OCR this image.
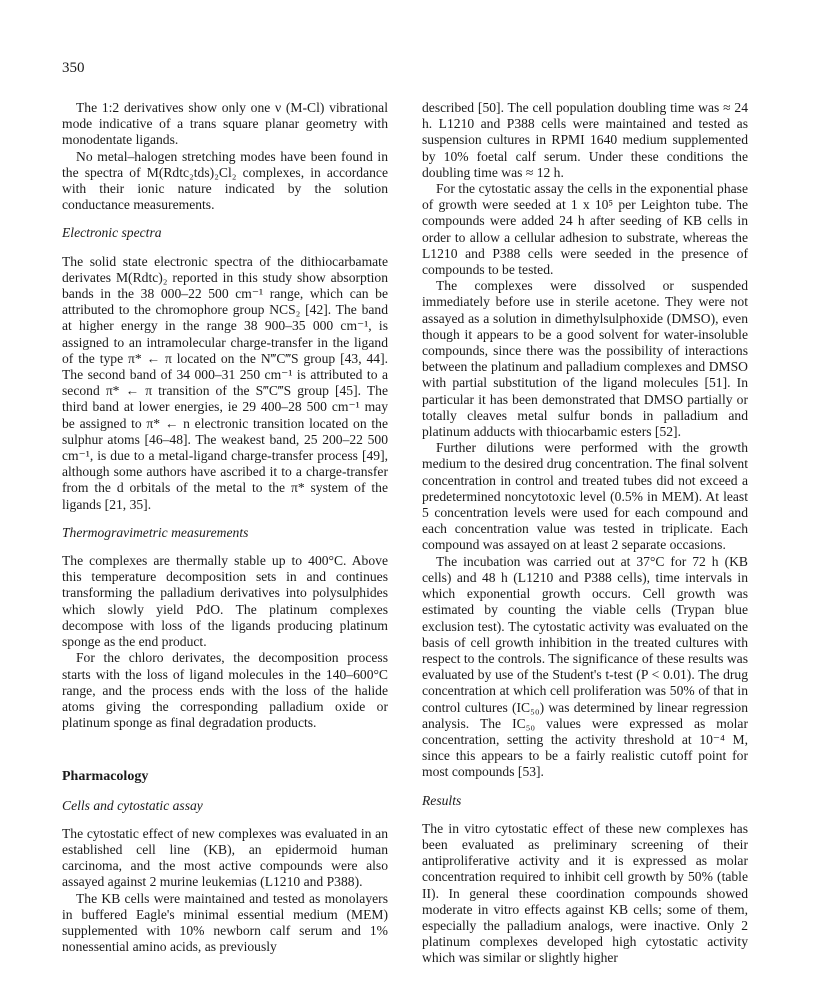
350

The 1:2 derivatives show only one ν (M-Cl) vibrational mode indicative of a trans square planar geometry with monodentate ligands.

No metal–halogen stretching modes have been found in the spectra of M(Rdtc₂tds)₂Cl₂ complexes, in accordance with their ionic nature indicated by the solution conductance measurements.

Electronic spectra

The solid state electronic spectra of the dithiocarbamate derivates M(Rdtc)₂ reported in this study show absorption bands in the 38 000–22 500 cm⁻¹ range, which can be attributed to the chromophore group NCS₂ [42]. The band at higher energy in the range 38 900–35 000 cm⁻¹, is assigned to an intramolecular charge-transfer in the ligand of the type π* ← π located on the N⁠‴C‴S group [43, 44]. The second band of 34 000–31 250 cm⁻¹ is attributed to a second π* ← π transition of the S‴C‴S group [45]. The third band at lower energies, ie 29 400–28 500 cm⁻¹ may be assigned to π* ← n electronic transition located on the sulphur atoms [46–48]. The weakest band, 25 200–22 500 cm⁻¹, is due to a metal-ligand charge-transfer process [49], although some authors have ascribed it to a charge-transfer from the d orbitals of the metal to the π* system of the ligands [21, 35].

Thermogravimetric measurements

The complexes are thermally stable up to 400°C. Above this temperature decomposition sets in and continues transforming the palladium derivatives into polysulphides which slowly yield PdO. The platinum complexes decompose with loss of the ligands producing platinum sponge as the end product.

For the chloro derivates, the decomposition process starts with the loss of ligand molecules in the 140–600°C range, and the process ends with the loss of the halide atoms giving the corresponding palladium oxide or platinum sponge as final degradation products.

Pharmacology
Cells and cytostatic assay

The cytostatic effect of new complexes was evaluated in an established cell line (KB), an epidermoid human carcinoma, and the most active compounds were also assayed against 2 murine leukemias (L1210 and P388).

The KB cells were maintained and tested as monolayers in buffered Eagle's minimal essential medium (MEM) supplemented with 10% newborn calf serum and 1% nonessential amino acids, as previously

described [50]. The cell population doubling time was ≈ 24 h. L1210 and P388 cells were maintained and tested as suspension cultures in RPMI 1640 medium supplemented by 10% foetal calf serum. Under these conditions the doubling time was ≈ 12 h.

For the cytostatic assay the cells in the exponential phase of growth were seeded at 1 x 10⁵ per Leighton tube. The compounds were added 24 h after seeding of KB cells in order to allow a cellular adhesion to substrate, whereas the L1210 and P388 cells were seeded in the presence of compounds to be tested.

The complexes were dissolved or suspended immediately before use in sterile acetone. They were not assayed as a solution in dimethylsulphoxide (DMSO), even though it appears to be a good solvent for water-insoluble compounds, since there was the possibility of interactions between the platinum and palladium complexes and DMSO with partial substitution of the ligand molecules [51]. In particular it has been demonstrated that DMSO partially or totally cleaves metal sulfur bonds in palladium and platinum adducts with thiocarbamic esters [52].

Further dilutions were performed with the growth medium to the desired drug concentration. The final solvent concentration in control and treated tubes did not exceed a predetermined noncytotoxic level (0.5% in MEM). At least 5 concentration levels were used for each compound and each concentration value was tested in triplicate. Each compound was assayed on at least 2 separate occasions.

The incubation was carried out at 37°C for 72 h (KB cells) and 48 h (L1210 and P388 cells), time intervals in which exponential growth occurs. Cell growth was estimated by counting the viable cells (Trypan blue exclusion test). The cytostatic activity was evaluated on the basis of cell growth inhibition in the treated cultures with respect to the controls. The significance of these results was evaluated by use of the Student's t-test (P < 0.01). The drug concentration at which cell proliferation was 50% of that in control cultures (IC₅₀) was determined by linear regression analysis. The IC₅₀ values were expressed as molar concentration, setting the activity threshold at 10⁻⁴ M, since this appears to be a fairly realistic cutoff point for most compounds [53].

Results

The in vitro cytostatic effect of these new complexes has been evaluated as preliminary screening of their antiproliferative activity and it is expressed as molar concentration required to inhibit cell growth by 50% (table II). In general these coordination compounds showed moderate in vitro effects against KB cells; some of them, especially the palladium analogs, were inactive. Only 2 platinum complexes developed high cytostatic activity which was similar or slightly higher
